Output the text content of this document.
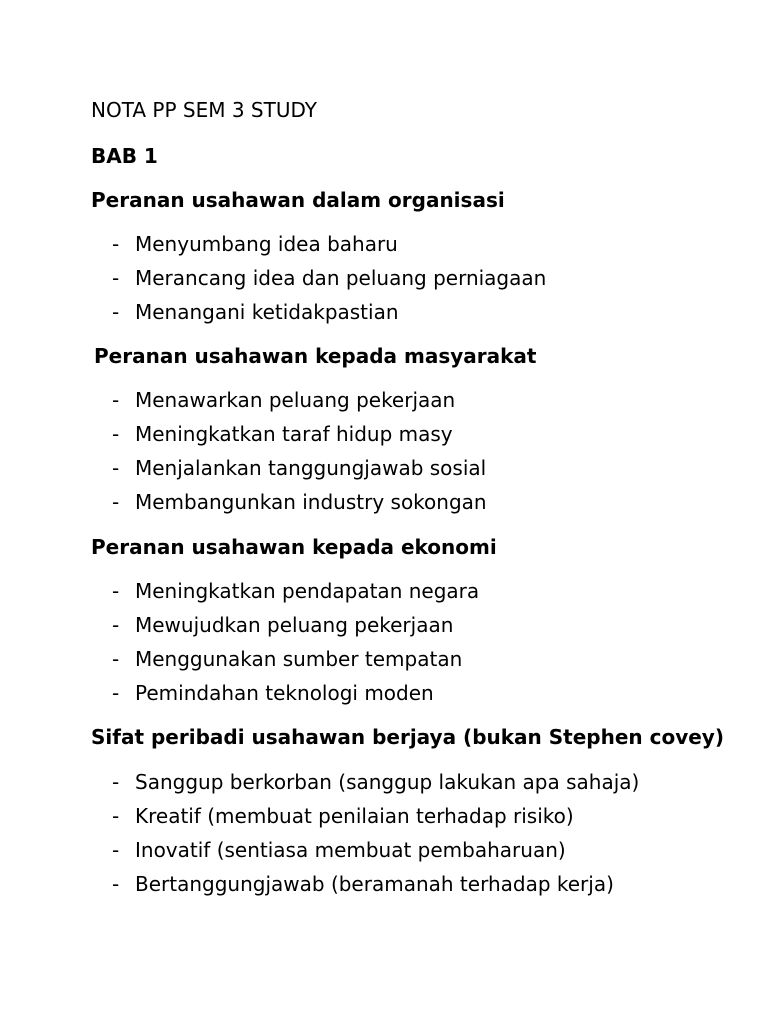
NOTA PP SEM 3 STUDY
BAB 1
Peranan usahawan dalam organisasi
- Menyumbang idea baharu
- Merancang idea dan peluang perniagaan
- Menangani ketidakpastian
Peranan usahawan kepada masyarakat
- Menawarkan peluang pekerjaan
- Meningkatkan taraf hidup masy
- Menjalankan tanggungjawab sosial
- Membangunkan industry sokongan
Peranan usahawan kepada ekonomi
- Meningkatkan pendapatan negara
- Mewujudkan peluang pekerjaan
- Menggunakan sumber tempatan
- Pemindahan teknologi moden
Sifat peribadi usahawan berjaya (bukan Stephen covey)
- Sanggup berkorban (sanggup lakukan apa sahaja)
- Kreatif (membuat penilaian terhadap risiko)
- Inovatif (sentiasa membuat pembaharuan)
- Bertanggungjawab (beramanah terhadap kerja)
